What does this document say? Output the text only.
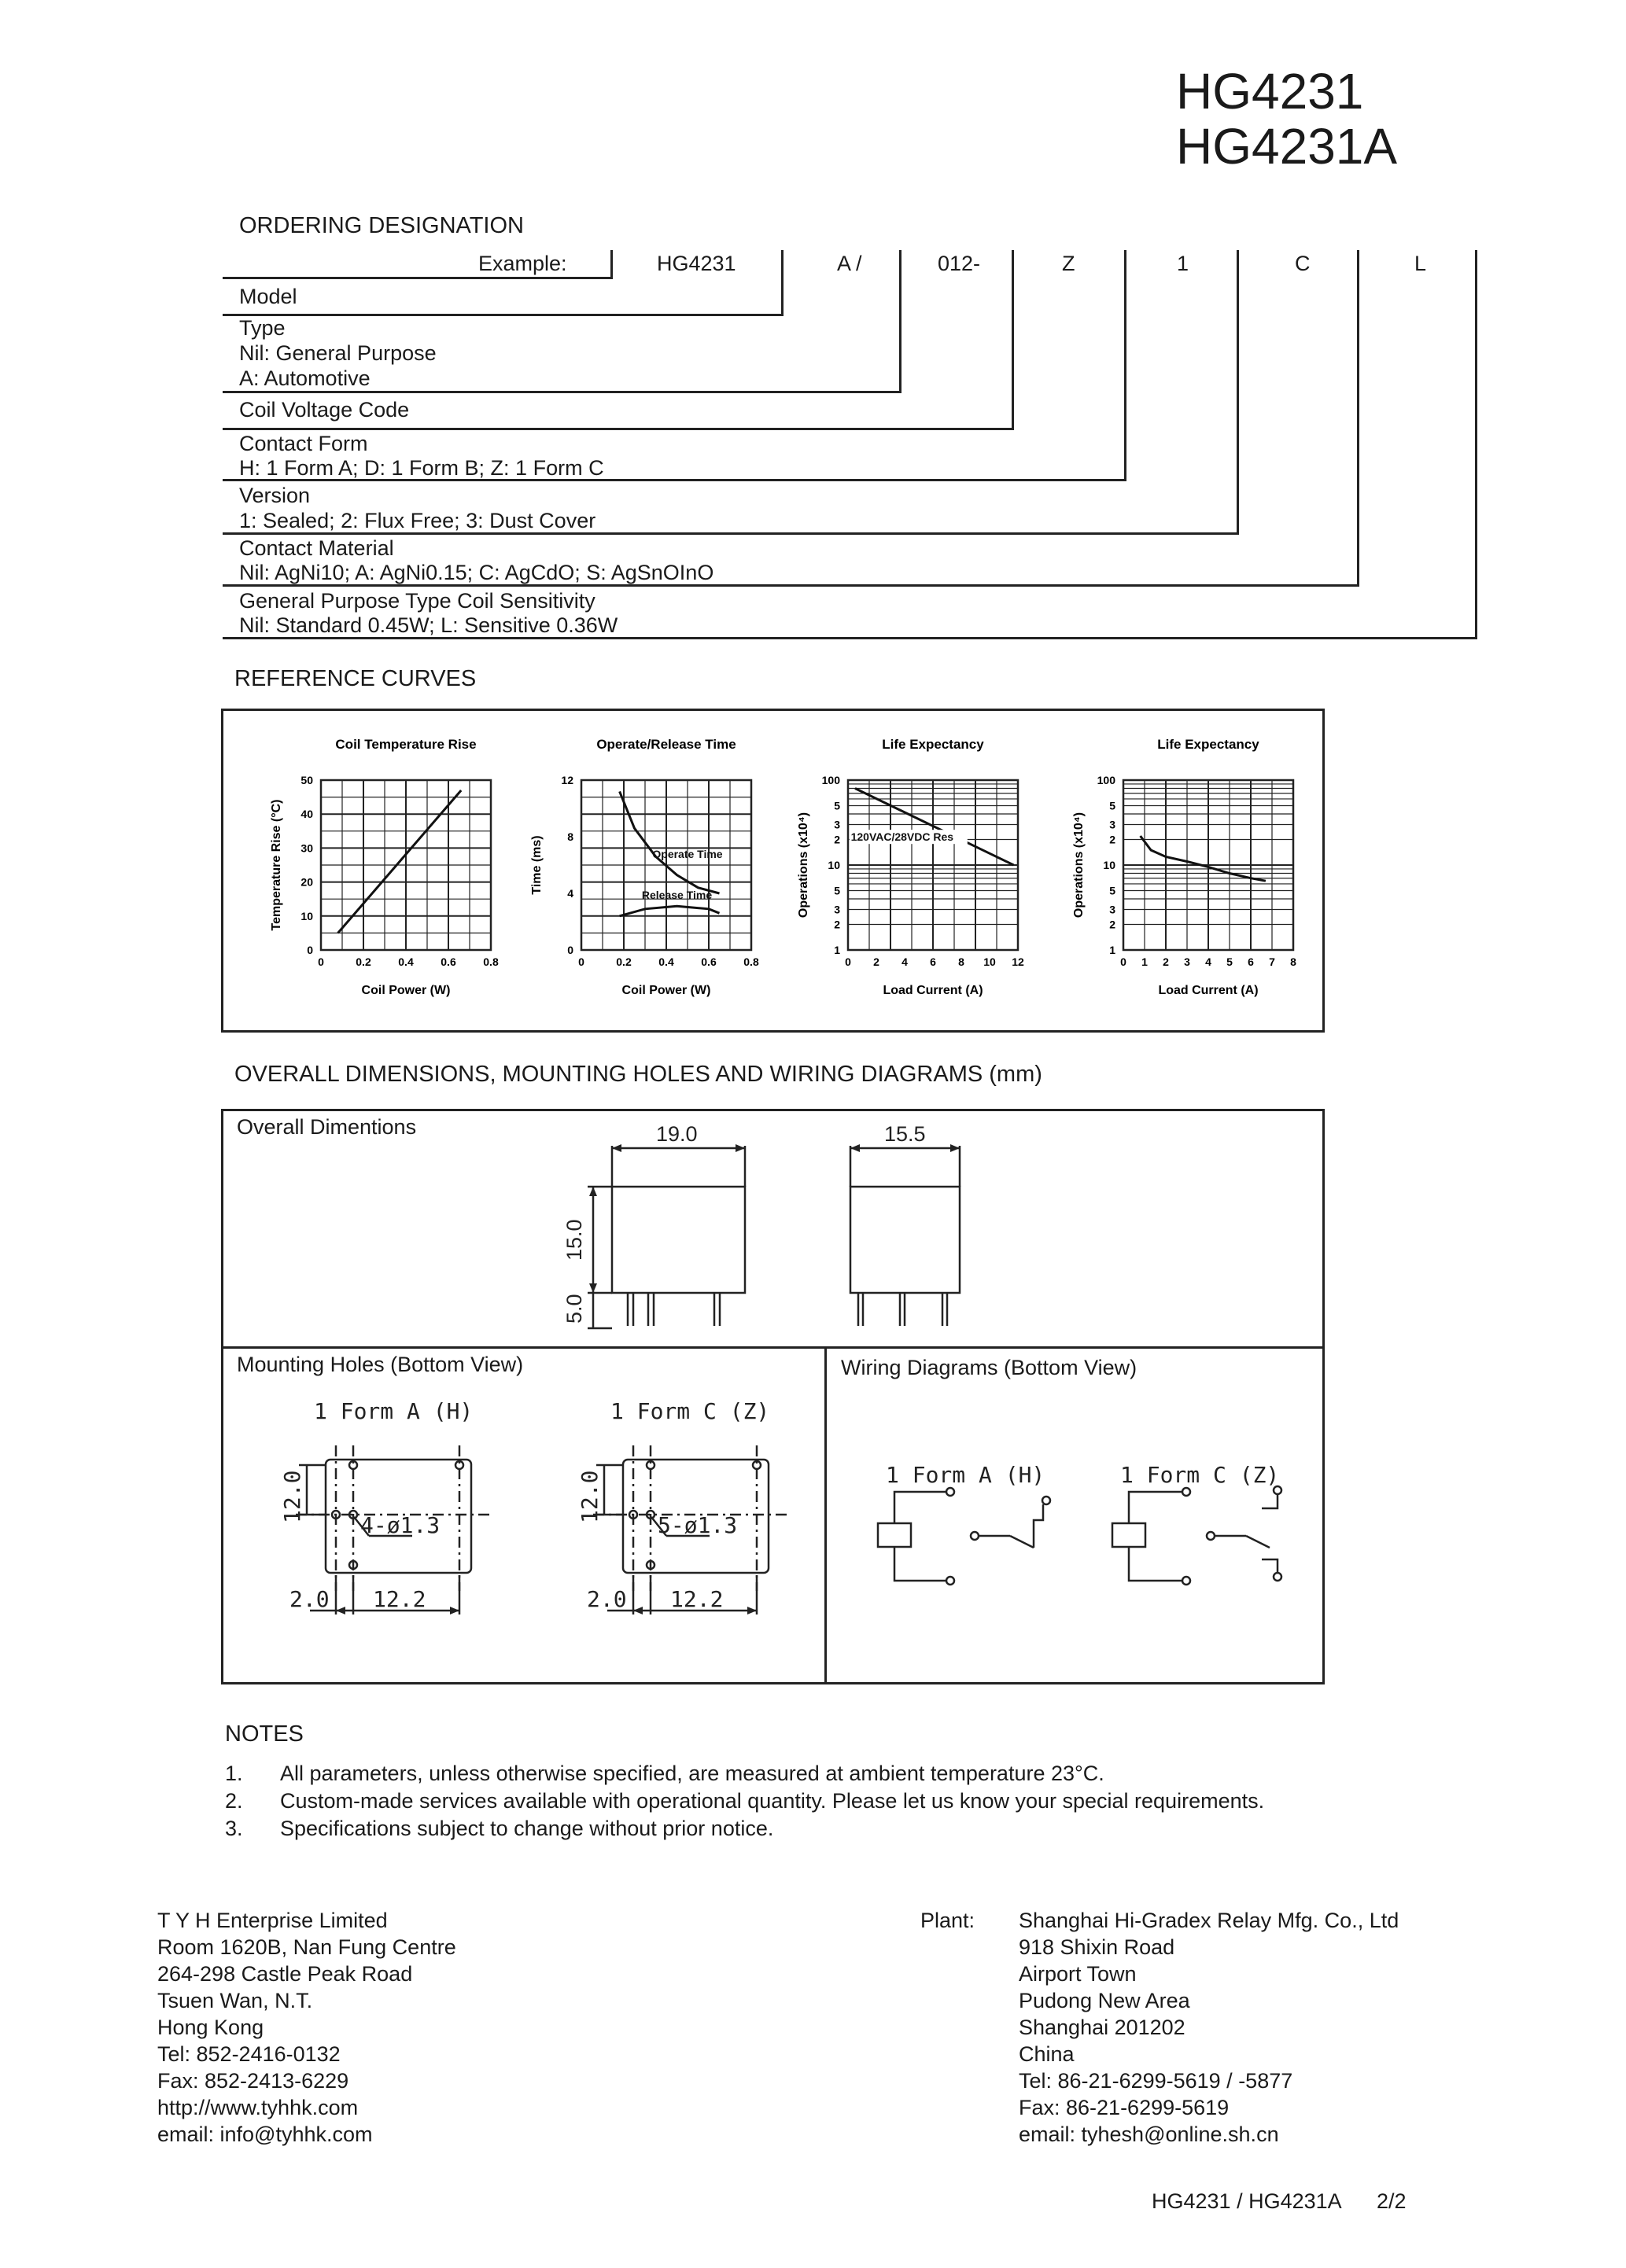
HG4231
HG4231A
ORDERING DESIGNATION
Example:	HG4231	A /	012-	Z	1	C	L
Model
Type
Nil: General Purpose
A: Automotive
Coil Voltage Code
Contact Form
H: 1 Form A; D: 1 Form B; Z: 1 Form C
Version
1: Sealed; 2: Flux Free; 3: Dust Cover
Contact Material
Nil: AgNi10; A: AgNi0.15; C: AgCdO; S: AgSnOInO
General Purpose Type Coil Sensitivity
Nil: Standard 0.45W; L: Sensitive 0.36W
REFERENCE CURVES
Coil Temperature Rise
Coil Power (W)
Temperature Rise (°C)
0	0.2 0.4 0.6 0.8
0
10
20
30
40
50
Operate/Release Time
Coil Power (W)
Time (ms)
0	0.2 0.4 0.6 0.8
0
4
8
12
Operate Time
Release Time
Life Expectancy
Load Current (A)
Operations (x10⁴)
0 2 4 6 8 10 12
1
2
3
5
10
2
3
5
100
120VAC/28VDC Res
Life Expectancy
Load Current (A)
Operations (x10⁴)
0 1 2 3 4 5 6 7 8
1
2
3
5
10
2
3
5
100
OVERALL DIMENSIONS, MOUNTING HOLES AND WIRING DIAGRAMS (mm)
Overall Dimentions
Mounting Holes (Bottom View)	Wiring Diagrams (Bottom View)
19.0	15.5
15.0
5.0
1 Form A (H)	1 Form C (Z)
12.0	12.0
2.0	2.0
12.2	12.2
4-ø1.3	5-ø1.3
1 Form A (H)	1 Form C (Z)
NOTES
1. All parameters, unless otherwise specified, are measured at ambient temperature 23°C.
2. Custom-made services available with operational quantity. Please let us know your special requirements.
3. Specifications subject to change without prior notice.
T Y H Enterprise Limited
Room 1620B, Nan Fung Centre
264-298 Castle Peak Road
Tsuen Wan, N.T.
Hong Kong
Tel: 852-2416-0132
Fax: 852-2413-6229
http://www.tyhhk.com
email: info@tyhhk.com
Plant: Shanghai Hi-Gradex Relay Mfg. Co., Ltd
918 Shixin Road
Airport Town
Pudong New Area
Shanghai 201202
China
Tel: 86-21-6299-5619 / -5877
Fax: 86-21-6299-5619
email: tyhesh@online.sh.cn
HG4231 / HG4231A 2/2
